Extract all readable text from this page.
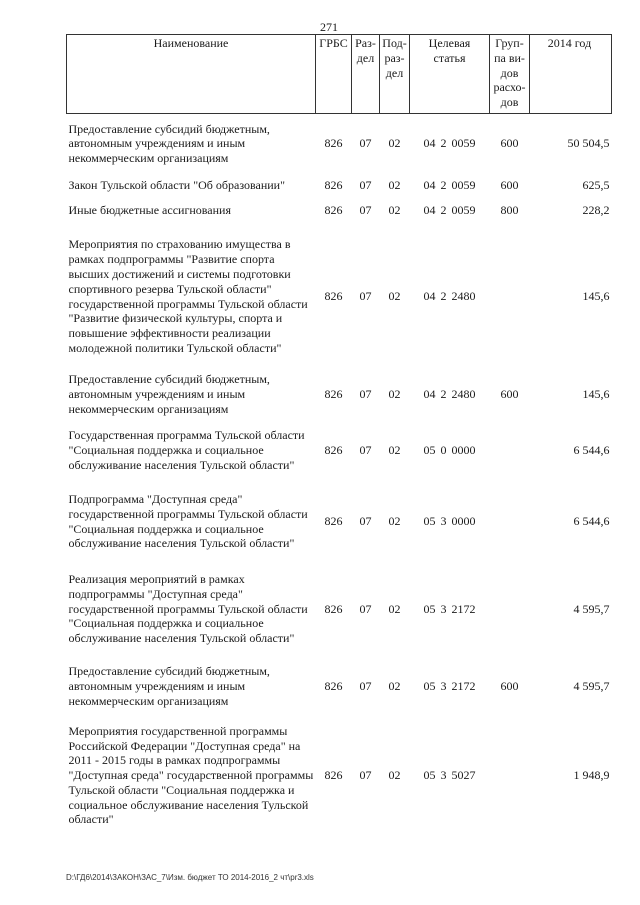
271
Наименование	ГРБС	Раз-дел	Под-раз-дел	Целевая статья	Груп-па ви-дов расхо-дов	2014 год
Предоставление субсидий бюджетным, автономным учреждениям и иным некоммерческим организациям	826	07	02	04 2 0059	600	50 504,5
Закон Тульской области "Об образовании"	826	07	02	04 2 0059	600	625,5
Иные бюджетные ассигнования	826	07	02	04 2 0059	800	228,2
Мероприятия по страхованию имущества в рамках подпрограммы "Развитие спорта высших достижений и системы подготовки спортивного резерва Тульской области" государственной программы Тульской области "Развитие физической культуры, спорта и повышение эффективности реализации молодежной политики Тульской области"	826	07	02	04 2 2480		145,6
Предоставление субсидий бюджетным, автономным учреждениям и иным некоммерческим организациям	826	07	02	04 2 2480	600	145,6
Государственная программа Тульской области "Социальная поддержка и социальное обслуживание населения Тульской области"	826	07	02	05 0 0000		6 544,6
Подпрограмма "Доступная среда" государственной программы Тульской области "Социальная поддержка и социальное обслуживание населения Тульской области"	826	07	02	05 3 0000		6 544,6
Реализация мероприятий в рамках подпрограммы "Доступная среда" государственной программы Тульской области "Социальная поддержка и социальное обслуживание населения Тульской области"	826	07	02	05 3 2172		4 595,7
Предоставление субсидий бюджетным, автономным учреждениям и иным некоммерческим организациям	826	07	02	05 3 2172	600	4 595,7
Мероприятия государственной программы Российской Федерации "Доступная среда" на 2011 - 2015 годы в рамках подпрограммы "Доступная среда" государственной программы Тульской области "Социальная поддержка и социальное обслуживание населения Тульской области"	826	07	02	05 3 5027		1 948,9
D:\ГД6\2014\ЗАКОН\ЗАС_7\Изм. бюджет ТО 2014-2016_2 чт\pr3.xls
